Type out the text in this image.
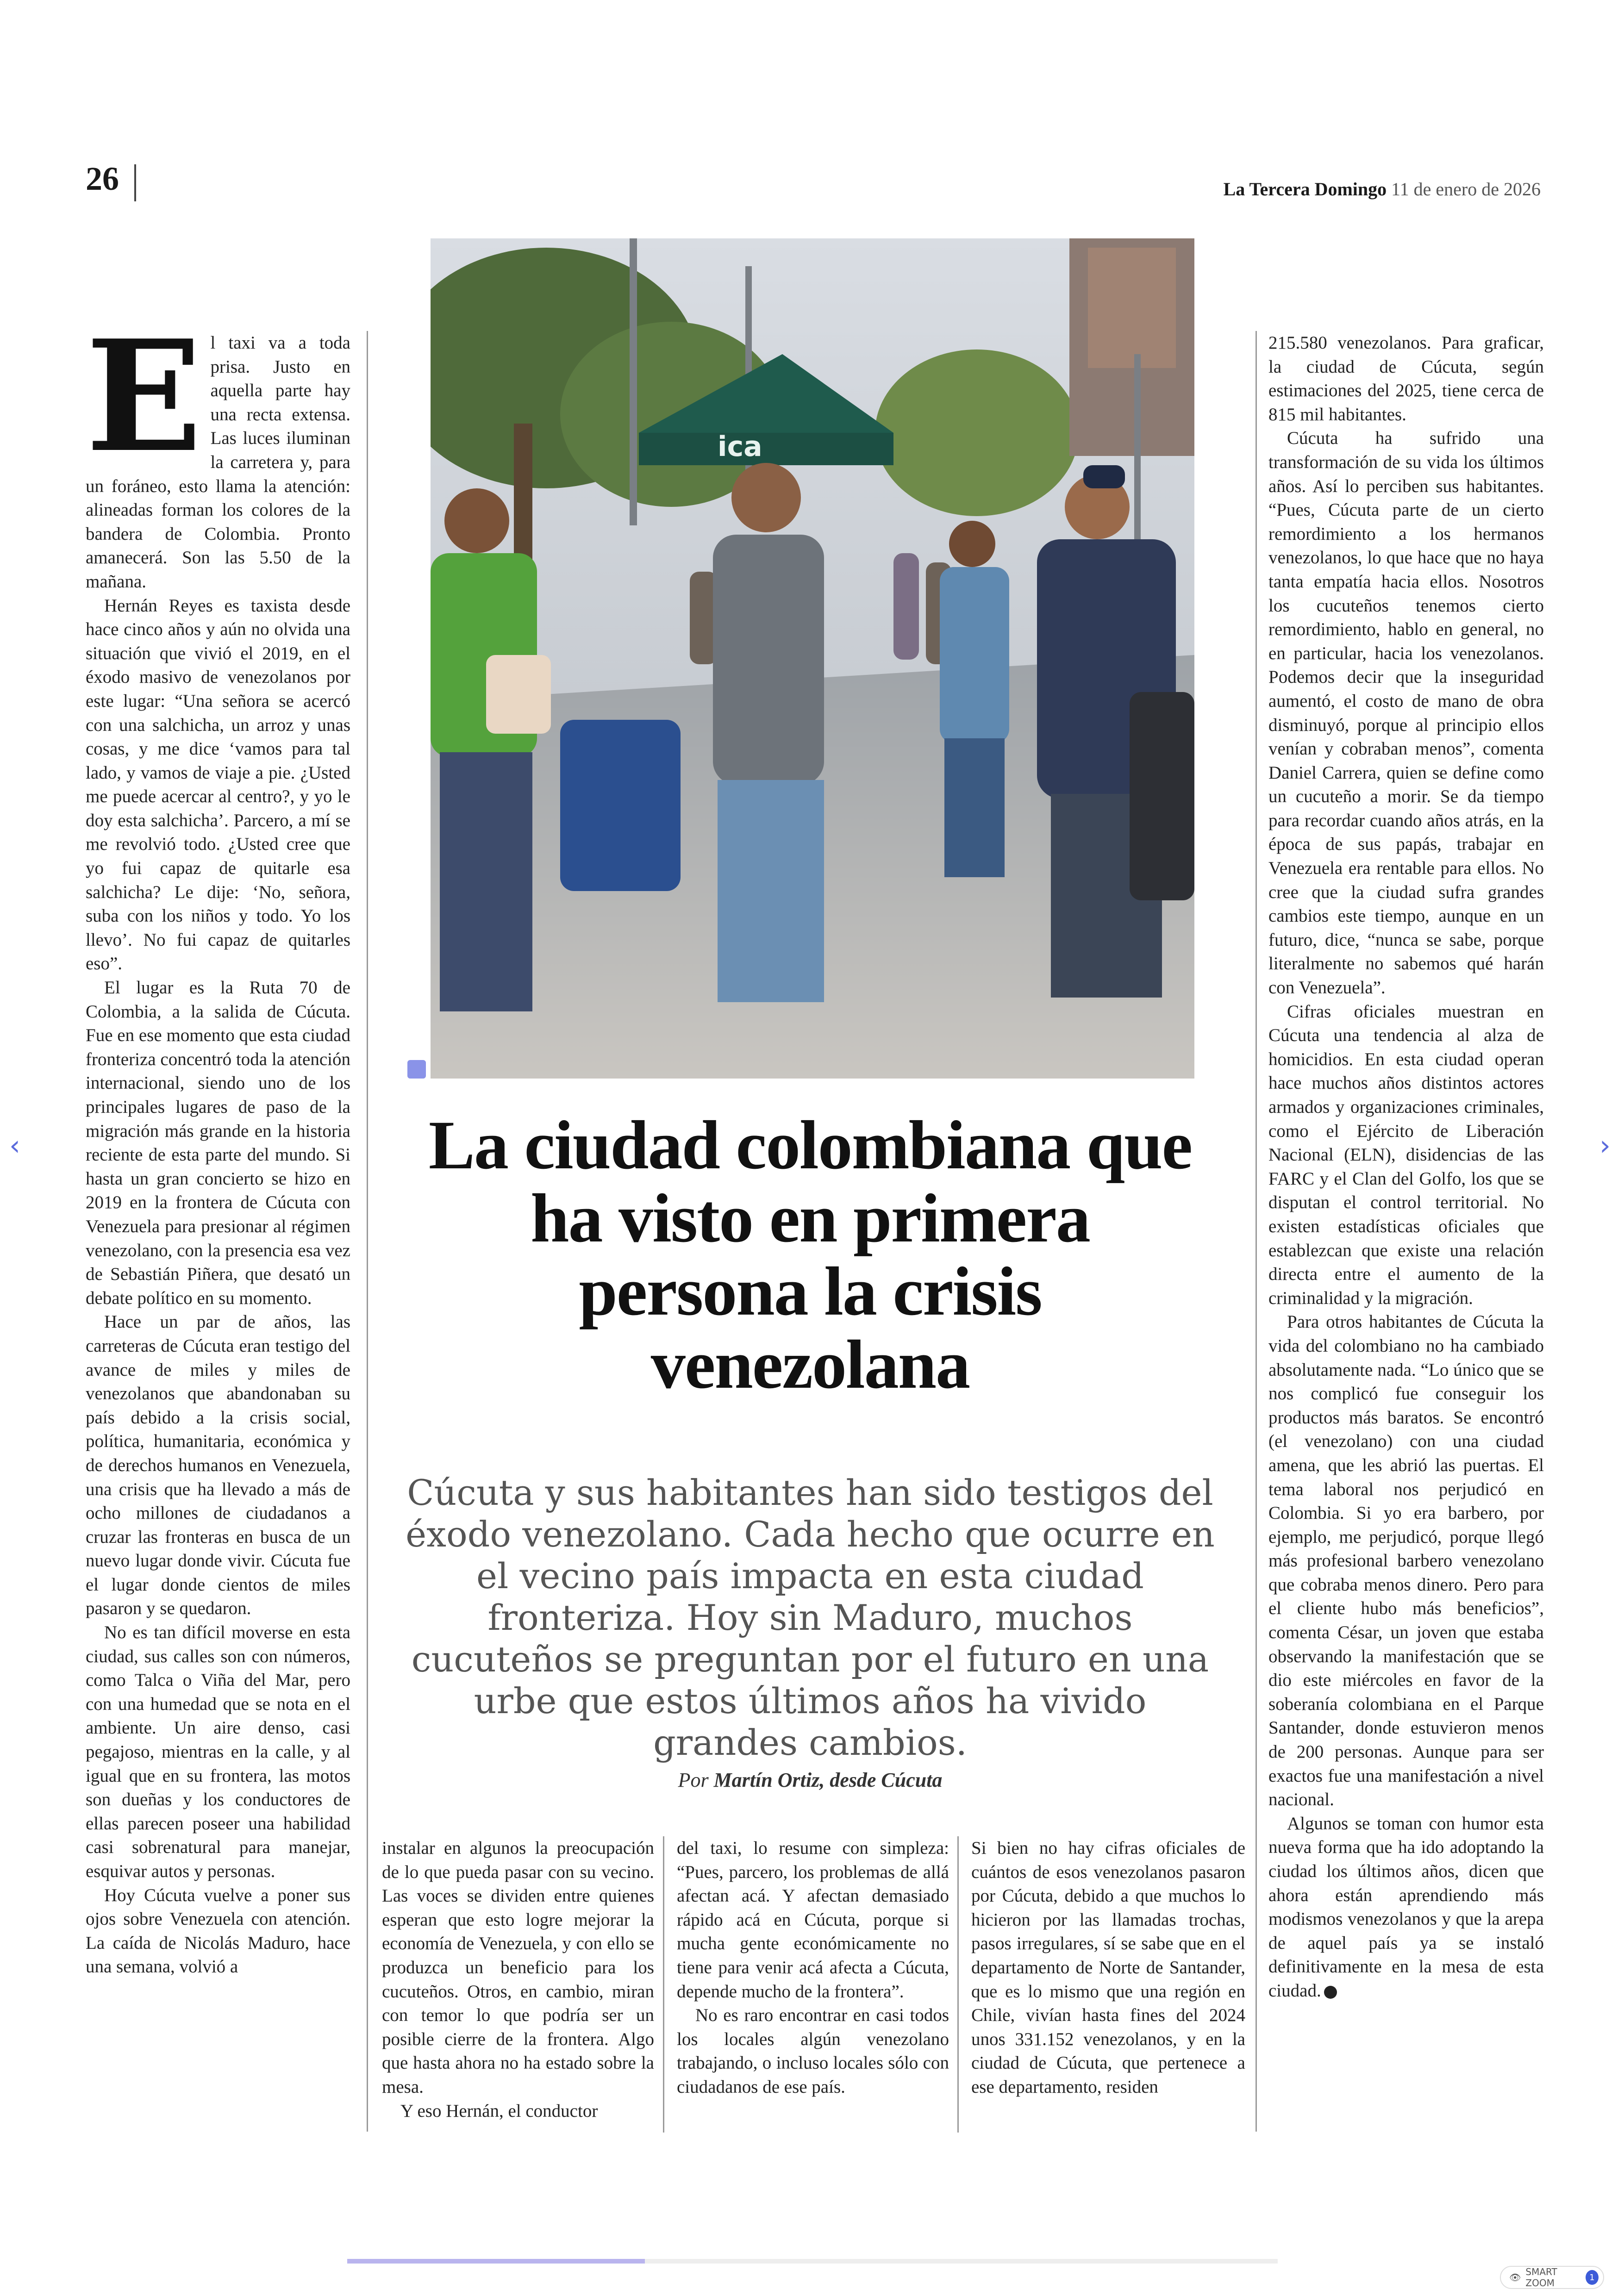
26	La Tercera Domingo 11 de enero de 2026

El taxi va a toda prisa. Justo en aquella parte hay una recta extensa. Las luces iluminan la carretera y, para un foráneo, esto llama la atención: alineadas forman los colores de la bandera de Colombia. Pronto amanecerá. Son las 5.50 de la mañana.

Hernán Reyes es taxista desde hace cinco años y aún no olvida una situación que vivió el 2019, en el éxodo masivo de venezolanos por este lugar: “Una señora se acercó con una salchicha, un arroz y unas cosas, y me dice ‘vamos para tal lado, y vamos de viaje a pie. ¿Usted me puede acercar al centro?, y yo le doy esta salchicha’. Parcero, a mí se me revolvió todo. ¿Usted cree que yo fui capaz de quitarle esa salchicha? Le dije: ‘No, señora, suba con los niños y todo. Yo los llevo’. No fui capaz de quitarles eso”.

El lugar es la Ruta 70 de Colombia, a la salida de Cúcuta. Fue en ese momento que esta ciudad fronteriza concentró toda la atención internacional, siendo uno de los principales lugares de paso de la migración más grande en la historia reciente de esta parte del mundo. Si hasta un gran concierto se hizo en 2019 en la frontera de Cúcuta con Venezuela para presionar al régimen venezolano, con la presencia esa vez de Sebastián Piñera, que desató un debate político en su momento.

Hace un par de años, las carreteras de Cúcuta eran testigo del avance de miles y miles de venezolanos que abandonaban su país debido a la crisis social, política, humanitaria, económica y de derechos humanos en Venezuela, una crisis que ha llevado a más de ocho millones de ciudadanos a cruzar las fronteras en busca de un nuevo lugar donde vivir. Cúcuta fue el lugar donde cientos de miles pasaron y se quedaron.

No es tan difícil moverse en esta ciudad, sus calles son con números, como Talca o Viña del Mar, pero con una humedad que se nota en el ambiente. Un aire denso, casi pegajoso, mientras en la calle, y al igual que en su frontera, las motos son dueñas y los conductores de ellas parecen poseer una habilidad casi sobrenatural para manejar, esquivar autos y personas.

Hoy Cúcuta vuelve a poner sus ojos sobre Venezuela con atención. La caída de Nicolás Maduro, hace una semana, volvió a

ica
La ciudad colombiana que ha visto en primera persona la crisis venezolana
Cúcuta y sus habitantes han sido testigos del éxodo venezolano. Cada hecho que ocurre en el vecino país impacta en esta ciudad fronteriza. Hoy sin Maduro, muchos cucuteños se preguntan por el futuro en una urbe que estos últimos años ha vivido grandes cambios.
Por Martín Ortiz, desde Cúcuta

instalar en algunos la preocupación de lo que pueda pasar con su vecino. Las voces se dividen entre quienes esperan que esto logre mejorar la economía de Venezuela, y con ello se produzca un beneficio para los cucuteños. Otros, en cambio, miran con temor lo que podría ser un posible cierre de la frontera. Algo que hasta ahora no ha estado sobre la mesa.

Y eso Hernán, el conductor

del taxi, lo resume con simpleza: “Pues, parcero, los problemas de allá afectan acá. Y afectan demasiado rápido acá en Cúcuta, porque si mucha gente económicamente no tiene para venir acá afecta a Cúcuta, depende mucho de la frontera”.

No es raro encontrar en casi todos los locales algún venezolano trabajando, o incluso locales sólo con ciudadanos de ese país.

Si bien no hay cifras oficiales de cuántos de esos venezolanos pasaron por Cúcuta, debido a que muchos lo hicieron por las llamadas trochas, pasos irregulares, sí se sabe que en el departamento de Norte de Santander, que es lo mismo que una región en Chile, vivían hasta fines del 2024 unos 331.152 venezolanos, y en la ciudad de Cúcuta, que pertenece a ese departamento, residen

215.580 venezolanos. Para graficar, la ciudad de Cúcuta, según estimaciones del 2025, tiene cerca de 815 mil habitantes.

Cúcuta ha sufrido una transformación de su vida los últimos años. Así lo perciben sus habitantes. “Pues, Cúcuta parte de un cierto remordimiento a los hermanos venezolanos, lo que hace que no haya tanta empatía hacia ellos. Nosotros los cucuteños tenemos cierto remordimiento, hablo en general, no en particular, hacia los venezolanos. Podemos decir que la inseguridad aumentó, el costo de mano de obra disminuyó, porque al principio ellos venían y cobraban menos”, comenta Daniel Carrera, quien se define como un cucuteño a morir. Se da tiempo para recordar cuando años atrás, en la época de sus papás, trabajar en Venezuela era rentable para ellos. No cree que la ciudad sufra grandes cambios este tiempo, aunque en un futuro, dice, “nunca se sabe, porque literalmente no sabemos qué harán con Venezuela”.

Cifras oficiales muestran en Cúcuta una tendencia al alza de homicidios. En esta ciudad operan hace muchos años distintos actores armados y organizaciones criminales, como el Ejército de Liberación Nacional (ELN), disidencias de las FARC y el Clan del Golfo, los que se disputan el control territorial. No existen estadísticas oficiales que establezcan que existe una relación directa entre el aumento de la criminalidad y la migración.

Para otros habitantes de Cúcuta la vida del colombiano no ha cambiado absolutamente nada. “Lo único que se nos complicó fue conseguir los productos más baratos. Se encontró (el venezolano) con una ciudad amena, que les abrió las puertas. El tema laboral nos perjudicó en Colombia. Si yo era barbero, por ejemplo, me perjudicó, porque llegó más profesional barbero venezolano que cobraba menos dinero. Pero para el cliente hubo más beneficios”, comenta César, un joven que estaba observando la manifestación que se dio este miércoles en favor de la soberanía colombiana en el Parque Santander, donde estuvieron menos de 200 personas. Aunque para ser exactos fue una manifestación a nivel nacional.

Algunos se toman con humor esta nueva forma que ha ido adoptando la ciudad los últimos años, dicen que ahora están aprendiendo más modismos venezolanos y que la arepa de aquel país ya se instaló definitivamente en la mesa de esta ciudad.

‹	›
👁 SMART ZOOM	1
